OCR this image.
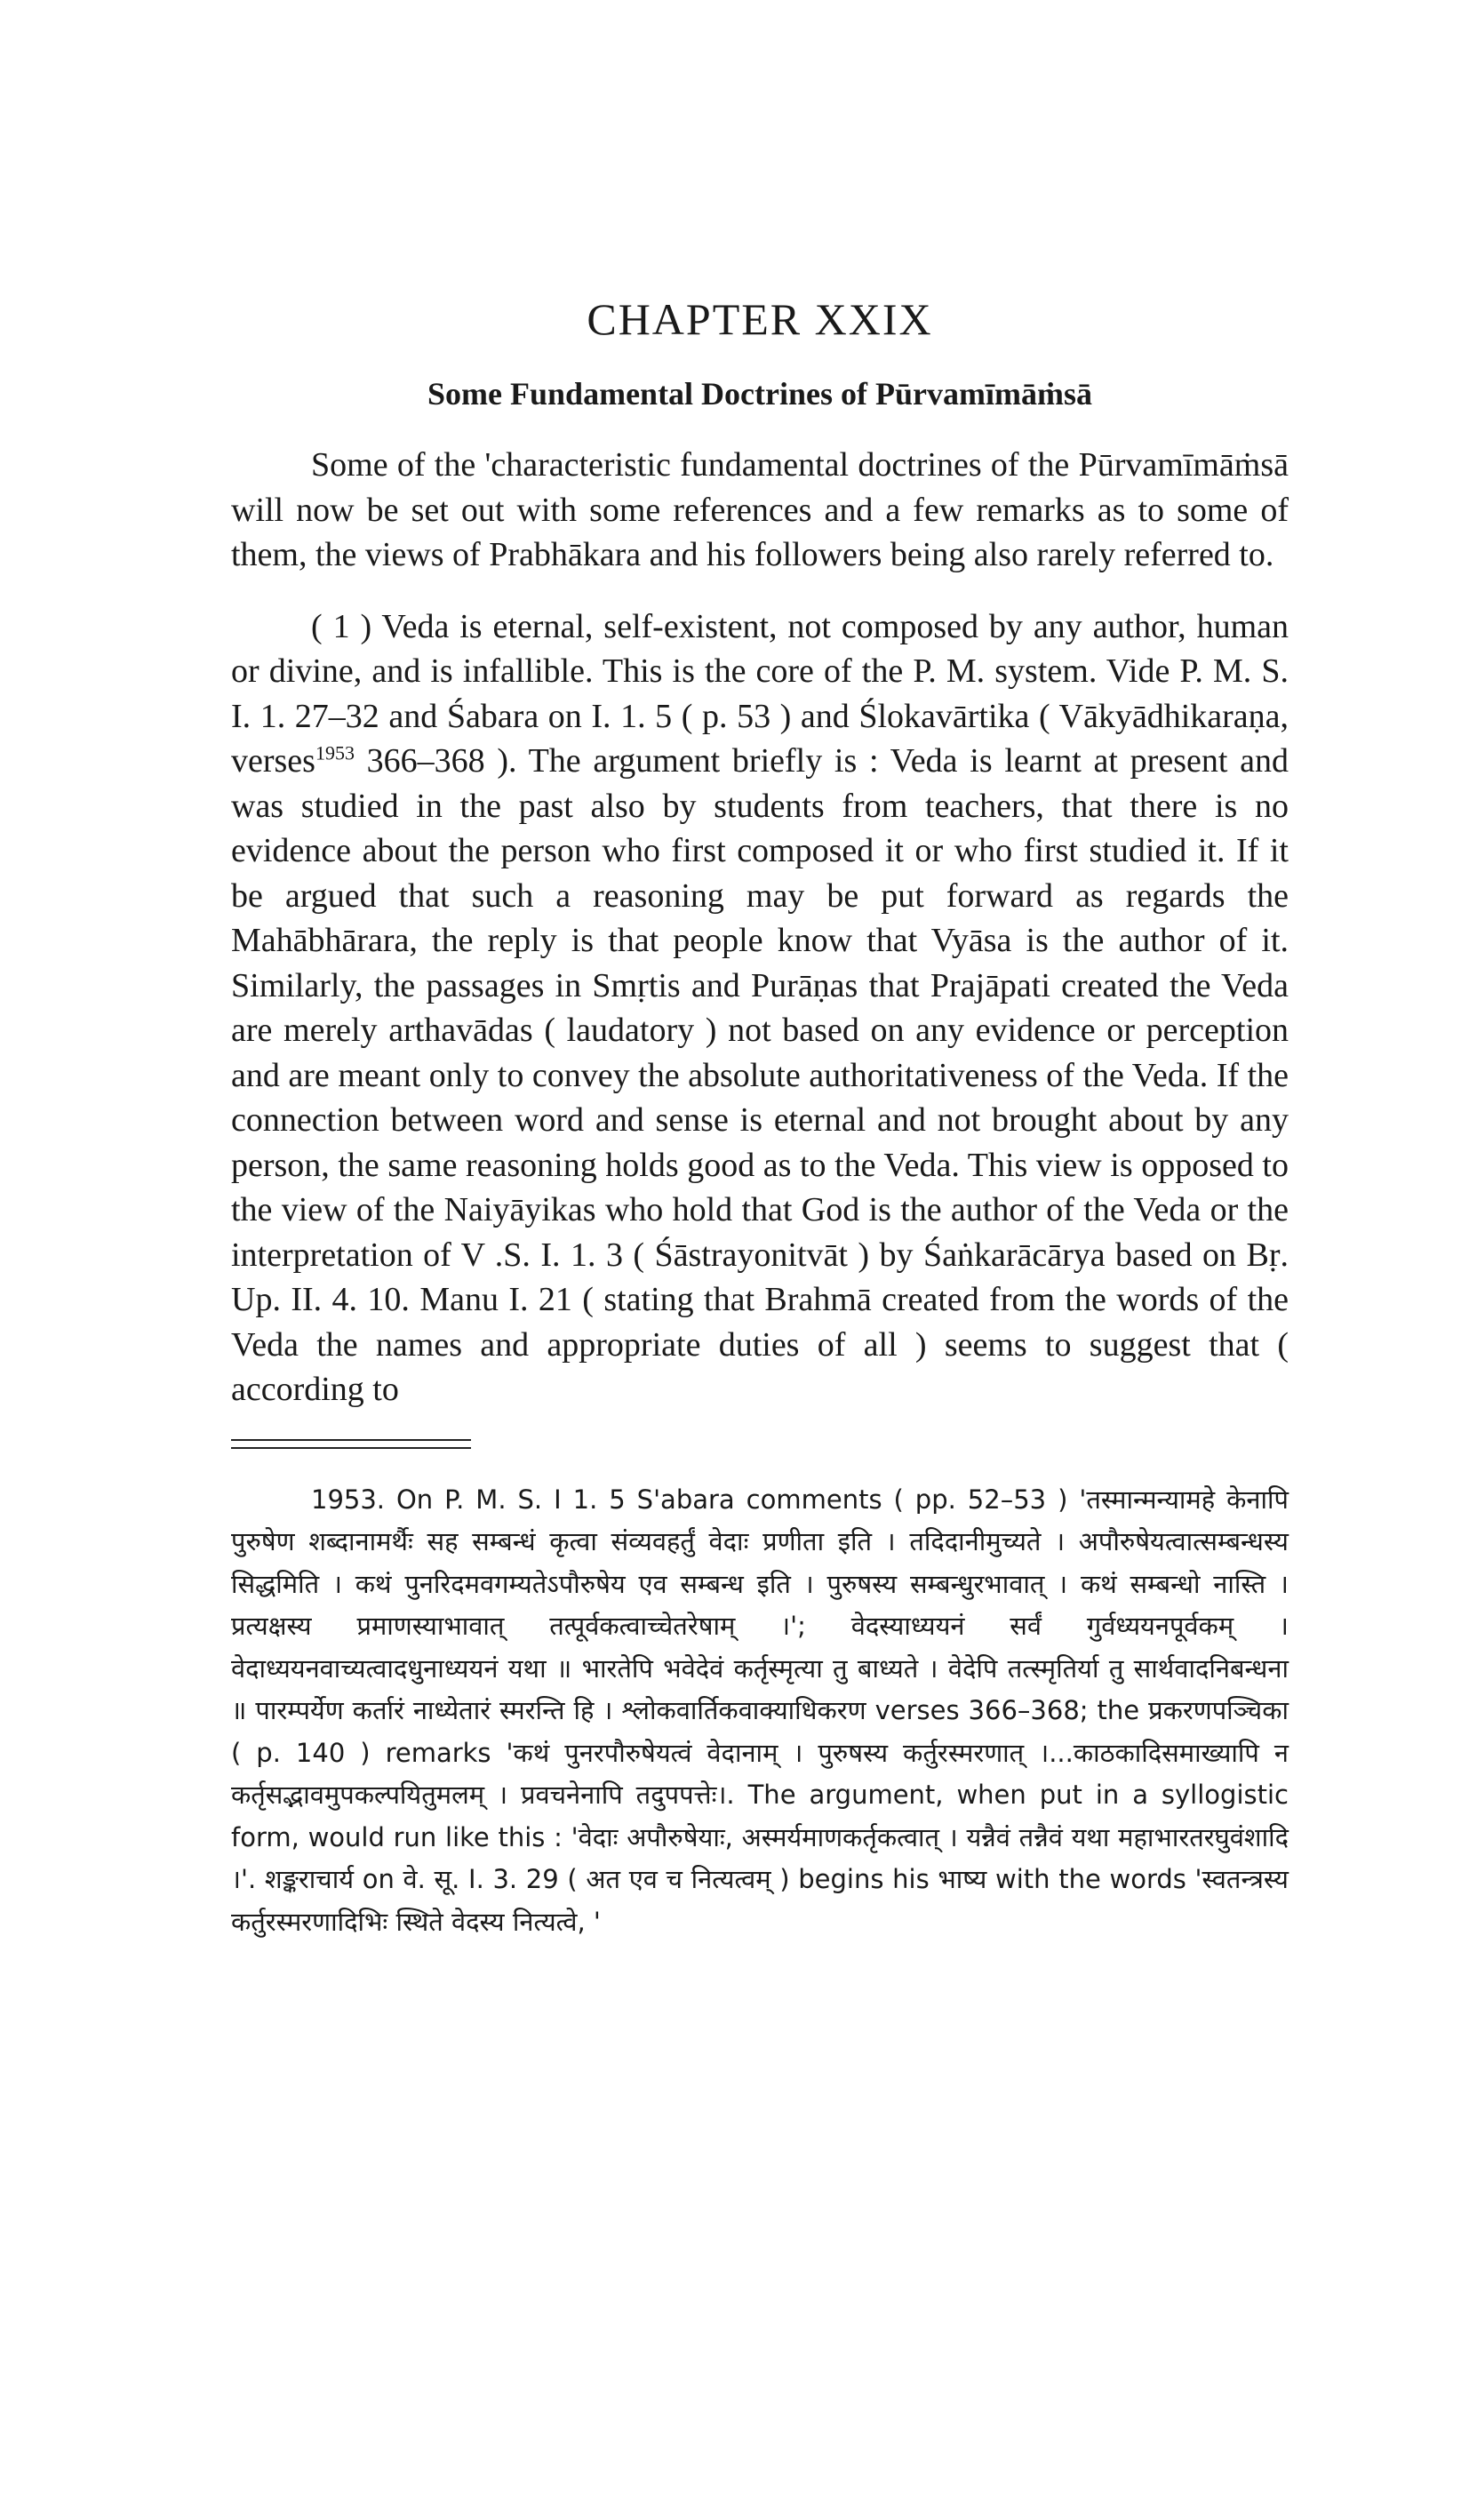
CHAPTER XXIX
Some Fundamental Doctrines of Pūrvamīmāṁsā

Some of the 'characteristic fundamental doctrines of the Pūrvamīmāṁsā will now be set out with some references and a few remarks as to some of them, the views of Prabhākara and his followers being also rarely referred to.

( 1 ) Veda is eternal, self-existent, not composed by any author, human or divine, and is infallible. This is the core of the P. M. system. Vide P. M. S. I. 1. 27–32 and Śabara on I. 1. 5 ( p. 53 ) and Ślokavārtika ( Vākyādhikaraṇa, verses$^{1953}$ 366–368 ). The argument briefly is : Veda is learnt at present and was studied in the past also by students from teachers, that there is no evidence about the person who first composed it or who first studied it. If it be argued that such a reasoning may be put forward as regards the Mahābhārara, the reply is that people know that Vyāsa is the author of it. Similarly, the passages in Smṛtis and Purāṇas that Prajāpati created the Veda are merely arthavādas ( laudatory ) not based on any evidence or perception and are meant only to convey the absolute authoritativeness of the Veda. If the connection between word and sense is eternal and not brought about by any person, the same reasoning holds good as to the Veda. This view is opposed to the view of the Naiyāyikas who hold that God is the author of the Veda or the interpretation of V .S. I. 1. 3 ( Śāstrayonitvāt ) by Śaṅkarācārya based on Bṛ. Up. II. 4. 10. Manu I. 21 ( stating that Brahmā created from the words of the Veda the names and appropriate duties of all ) seems to suggest that ( according to

1953. On P. M. S. I 1. 5 S'abara comments ( pp. 52–53 ) 'तस्मान्मन्यामहे केनापि पुरुषेण शब्दानामर्थैः सह सम्बन्धं कृत्वा संव्यवहर्तुं वेदाः प्रणीता इति । तदिदानीमुच्यते । अपौरुषेयत्वात्सम्बन्धस्य सिद्धमिति । कथं पुनरिदमवगम्यतेऽपौरुषेय एव सम्बन्ध इति । पुरुषस्य सम्बन्धुरभावात् । कथं सम्बन्धो नास्ति । प्रत्यक्षस्य प्रमाणस्याभावात् तत्पूर्वकत्वाच्चेतरेषाम् ।'; वेदस्याध्ययनं सर्वं गुर्वध्ययनपूर्वकम् । वेदाध्ययनवाच्यत्वादधुनाध्ययनं यथा ॥ भारतेपि भवेदेवं कर्तृस्मृत्या तु बाध्यते । वेदेपि तत्स्मृतिर्या तु सार्थवादनिबन्धना ॥ पारम्पर्येण कर्तारं नाध्येतारं स्मरन्ति हि । श्लोकवार्तिकवाक्याधिकरण verses 366–368; the प्रकरणपञ्चिका ( p. 140 ) remarks 'कथं पुनरपौरुषेयत्वं वेदानाम् । पुरुषस्य कर्तुरस्मरणात् ।...काठकादिसमाख्यापि न कर्तृसद्भावमुपकल्पयितुमलम् । प्रवचनेनापि तदुपपत्तेः।. The argument, when put in a syllogistic form, would run like this : 'वेदाः अपौरुषेयाः, अस्मर्यमाणकर्तृकत्वात् । यन्नैवं तन्नैवं यथा महाभारतरघुवंशादि ।'. शङ्कराचार्य on वे. सू. I. 3. 29 ( अत एव च नित्यत्वम् ) begins his भाष्य with the words 'स्वतन्त्रस्य कर्तुरस्मरणादिभिः स्थिते वेदस्य नित्यत्वे, '
